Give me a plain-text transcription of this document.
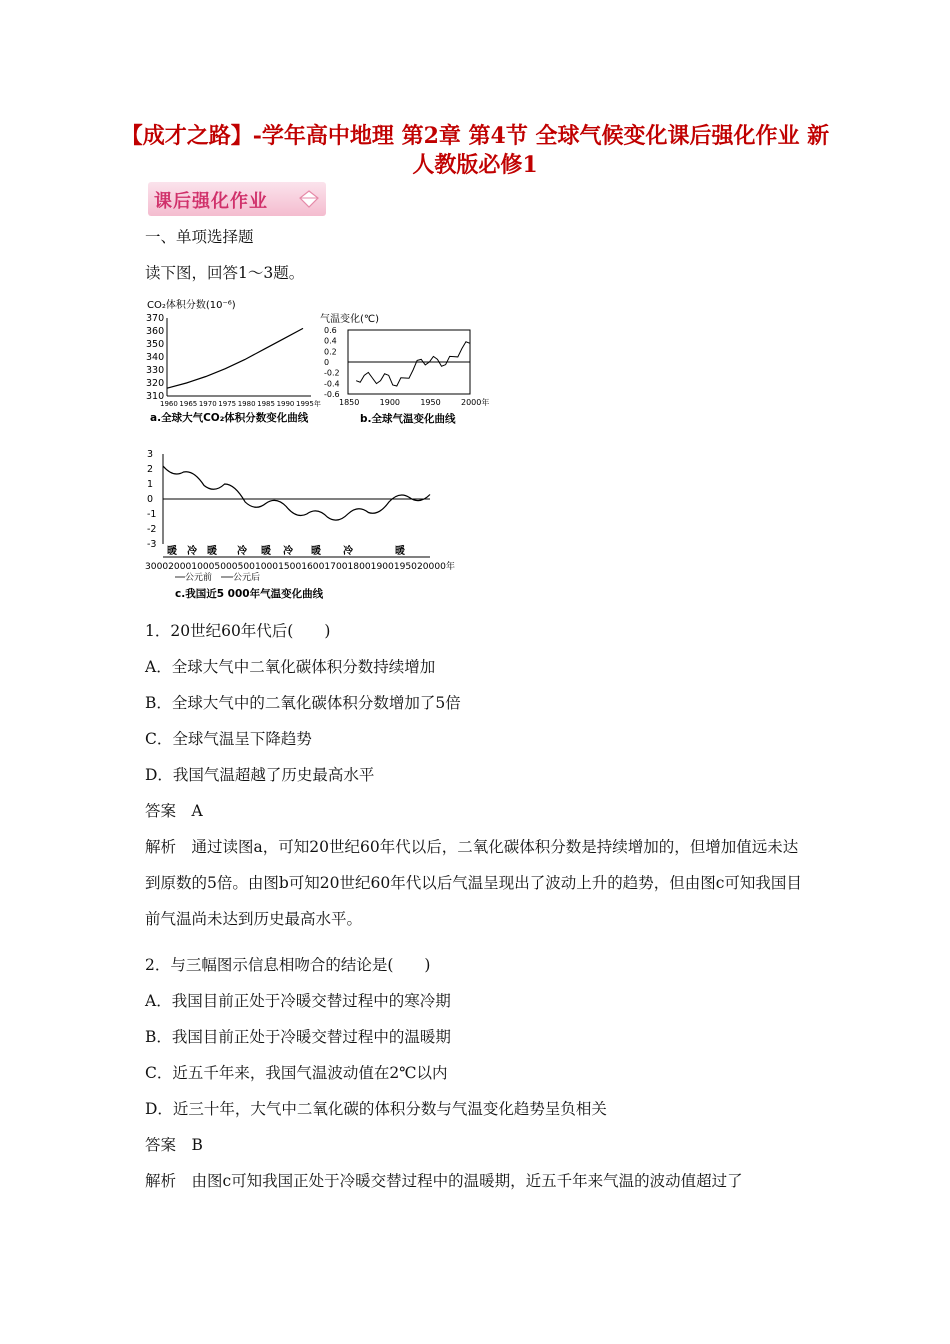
【成才之路】-学年高中地理 第2章 第4节 全球气候变化课后强化作业 新人教版必修1
课后强化作业
一、单项选择题
读下图，回答1～3题。
CO₂体积分数(10⁻⁶)
370
360
350
340
330
320
310
1960 1965 1970 1975 1980 1985 1990 1995年
a.全球大气CO₂体积分数变化曲线
气温变化(℃)
0.6
0.4
0.2
0
-0.2
-0.4
-0.6
1850	1900	1950	2000年
b.全球气温变化曲线
3
2
1
0
-1
-2
-3
暖 冷 暖 冷 暖 冷 暖 冷	暖
3000200010005000500100015001600170018001900195020000年
公元前 公元后
c.我国近5 000年气温变化曲线
1．20世纪60年代后(　　)
A．全球大气中二氧化碳体积分数持续增加
B．全球大气中的二氧化碳体积分数增加了5倍
C．全球气温呈下降趋势
D．我国气温超越了历史最高水平
答案　A
解析　通过读图a，可知20世纪60年代以后，二氧化碳体积分数是持续增加的，但增加值远未达到原数的5倍。由图b可知20世纪60年代以后气温呈现出了波动上升的趋势，但由图c可知我国目前气温尚未达到历史最高水平。
2．与三幅图示信息相吻合的结论是(　　)
A．我国目前正处于冷暖交替过程中的寒冷期
B．我国目前正处于冷暖交替过程中的温暖期
C．近五千年来，我国气温波动值在2℃以内
D．近三十年，大气中二氧化碳的体积分数与气温变化趋势呈负相关
答案　B
解析　由图c可知我国正处于冷暖交替过程中的温暖期，近五千年来气温的波动值超过了
